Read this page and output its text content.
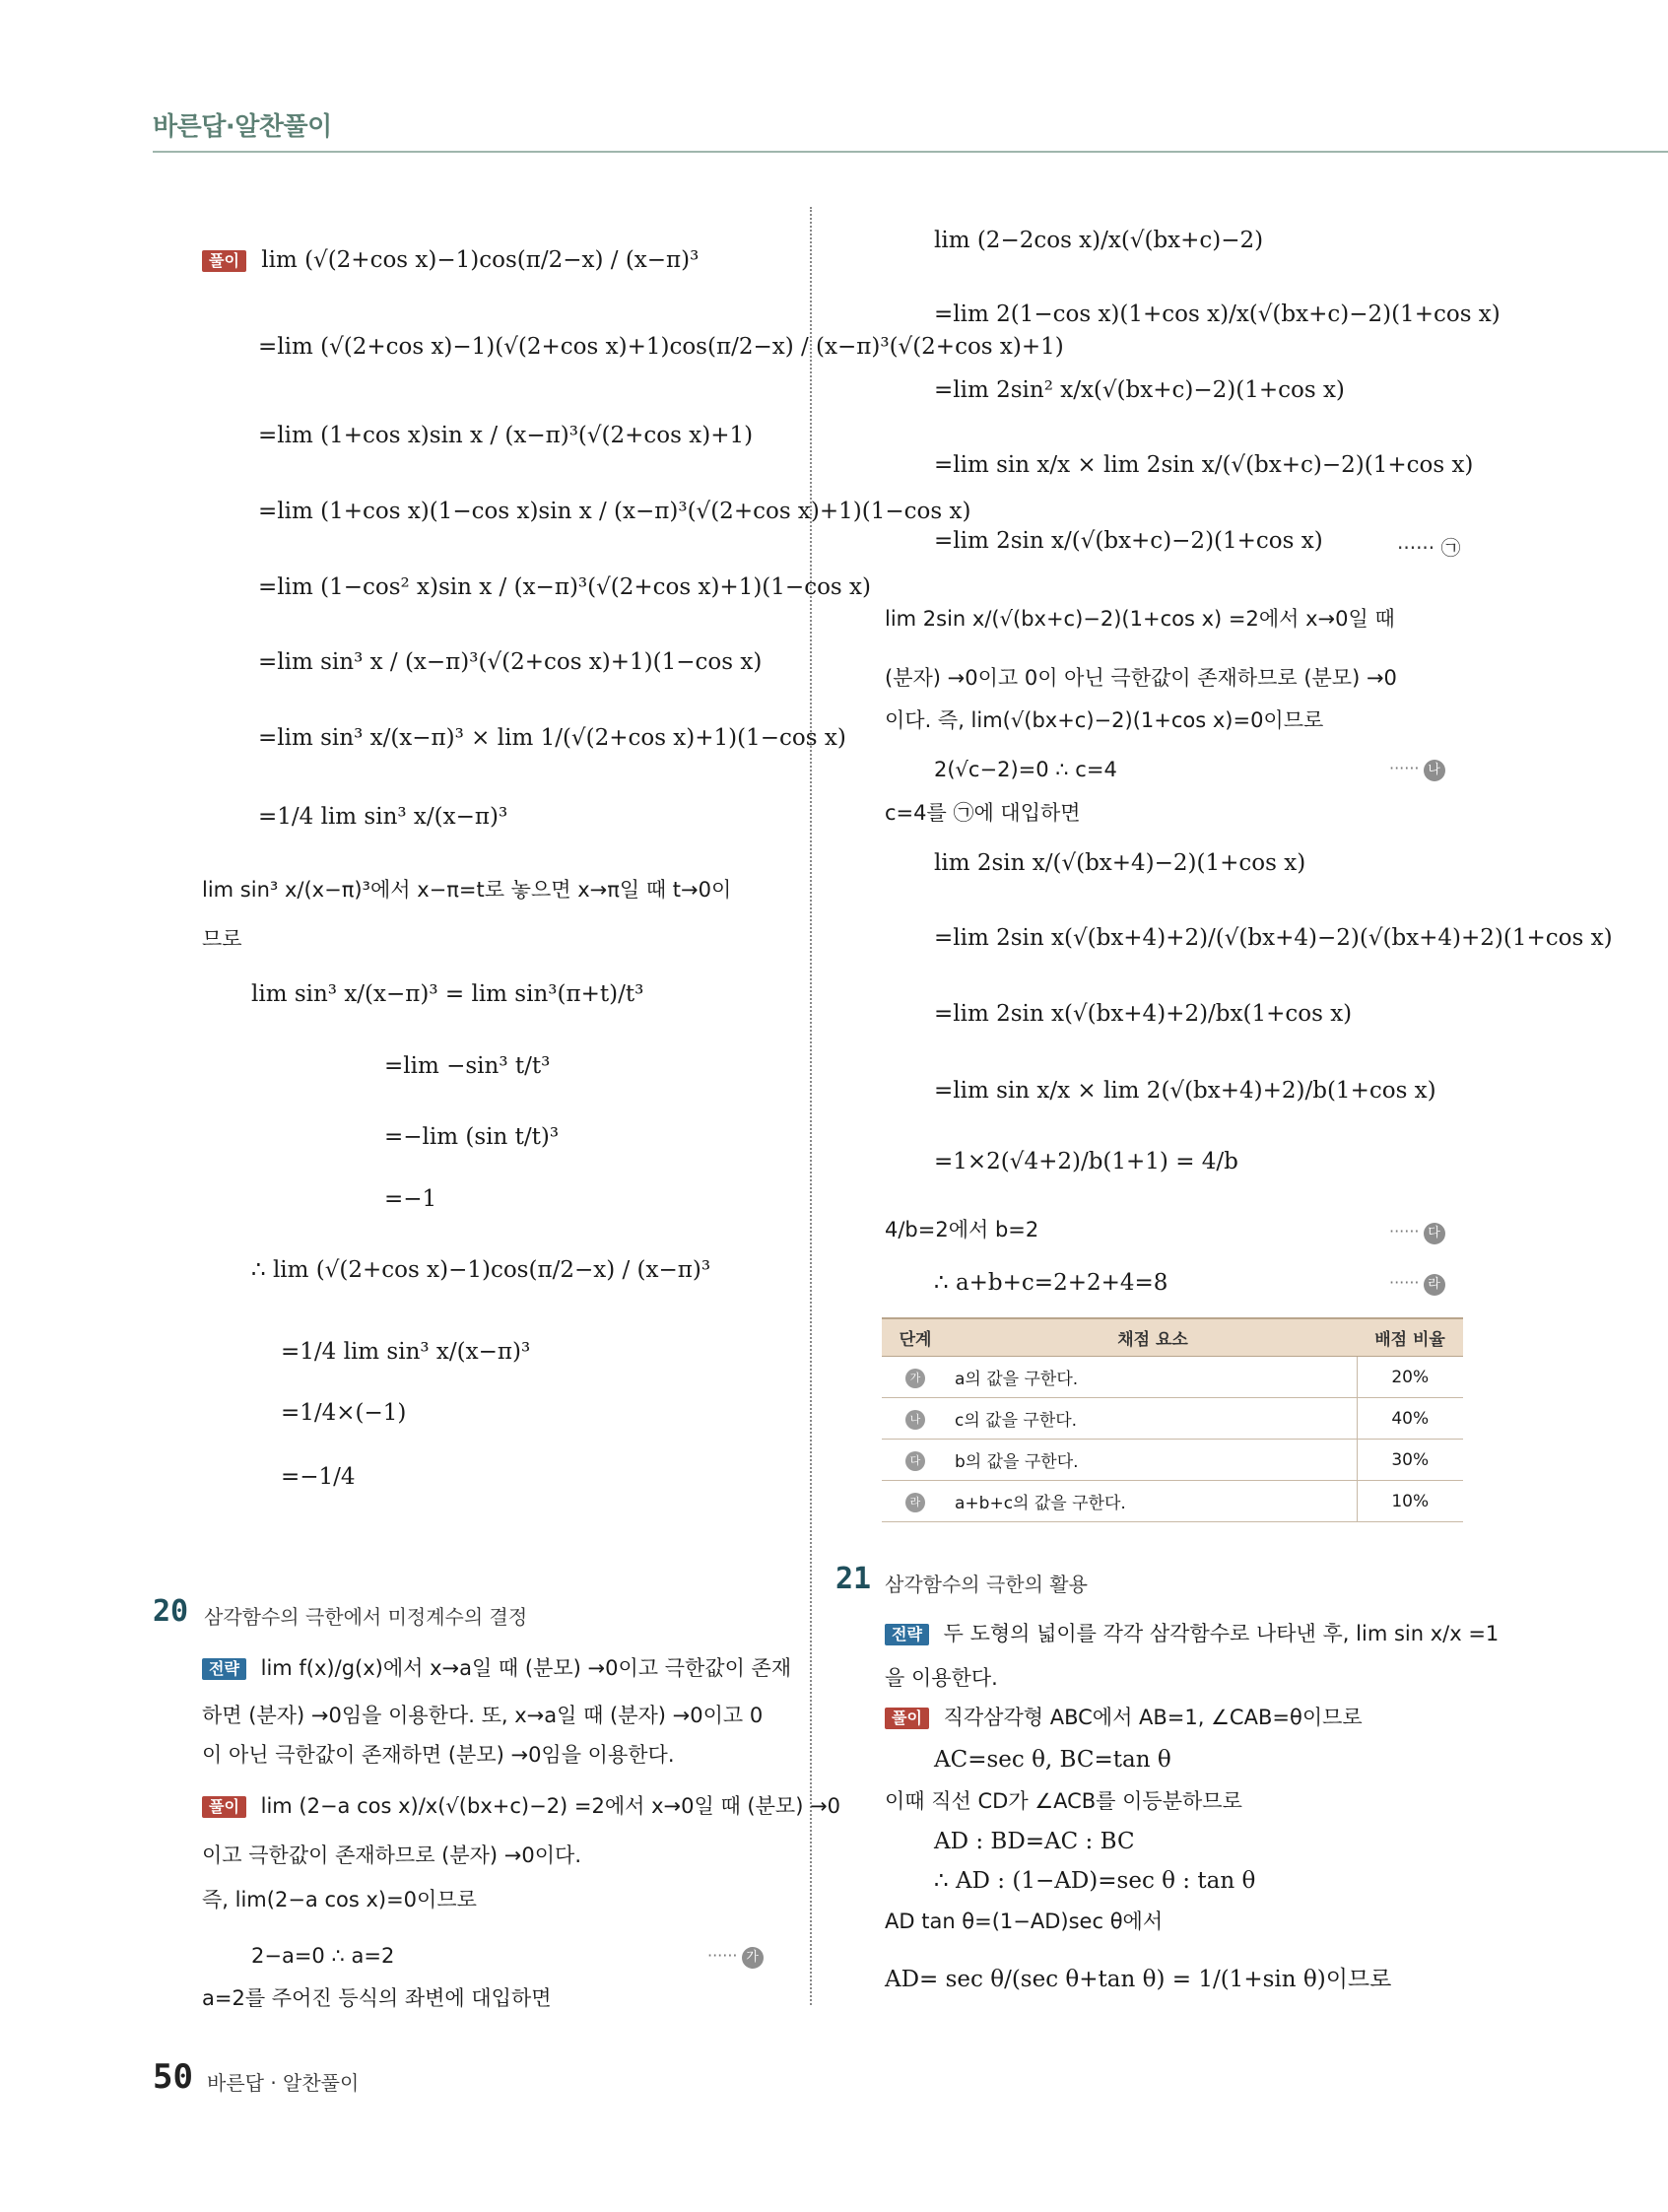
바른답·알찬풀이
풀이 lim (√(2+cos x)−1)cos(π/2−x) / (x−π)³
=lim (√(2+cos x)−1)(√(2+cos x)+1)cos(π/2−x) / (x−π)³(√(2+cos x)+1)
=lim (1+cos x)sin x / (x−π)³(√(2+cos x)+1)
=lim (1+cos x)(1−cos x)sin x / (x−π)³(√(2+cos x)+1)(1−cos x)
=lim (1−cos² x)sin x / (x−π)³(√(2+cos x)+1)(1−cos x)
=lim sin³ x / (x−π)³(√(2+cos x)+1)(1−cos x)
=lim sin³ x/(x−π)³ × lim 1/(√(2+cos x)+1)(1−cos x)
=1/4 lim sin³ x/(x−π)³
lim sin³ x/(x−π)³에서 x−π=t로 놓으면 x→π일 때 t→0이
므로
lim sin³ x/(x−π)³ = lim sin³(π+t)/t³
=lim −sin³ t/t³
=−lim (sin t/t)³
=−1
∴ lim (√(2+cos x)−1)cos(π/2−x) / (x−π)³
=1/4 lim sin³ x/(x−π)³
=1/4×(−1)
=−1/4
20 삼각함수의 극한에서 미정계수의 결정
전략 lim f(x)/g(x)에서 x→a일 때 (분모) →0이고 극한값이 존재
하면 (분자) →0임을 이용한다. 또, x→a일 때 (분자) →0이고 0
이 아닌 극한값이 존재하면 (분모) →0임을 이용한다.
풀이 lim (2−a cos x)/x(√(bx+c)−2) =2에서 x→0일 때 (분모) →0
이고 극한값이 존재하므로 (분자) →0이다.
즉, lim(2−a cos x)=0이므로
2−a=0 ∴ a=2	······ 가
a=2를 주어진 등식의 좌변에 대입하면
lim (2−2cos x)/x(√(bx+c)−2)
=lim 2(1−cos x)(1+cos x)/x(√(bx+c)−2)(1+cos x)
=lim 2sin² x/x(√(bx+c)−2)(1+cos x)
=lim sin x/x × lim 2sin x/(√(bx+c)−2)(1+cos x)
=lim 2sin x/(√(bx+c)−2)(1+cos x)	······ ㉠
lim 2sin x/(√(bx+c)−2)(1+cos x) =2에서 x→0일 때
(분자) →0이고 0이 아닌 극한값이 존재하므로 (분모) →0
이다. 즉, lim(√(bx+c)−2)(1+cos x)=0이므로
2(√c−2)=0 ∴ c=4	······ 나
c=4를 ㉠에 대입하면
lim 2sin x/(√(bx+4)−2)(1+cos x)
=lim 2sin x(√(bx+4)+2)/(√(bx+4)−2)(√(bx+4)+2)(1+cos x)
=lim 2sin x(√(bx+4)+2)/bx(1+cos x)
=lim sin x/x × lim 2(√(bx+4)+2)/b(1+cos x)
=1×2(√4+2)/b(1+1) = 4/b
4/b=2에서 b=2	······ 다
∴ a+b+c=2+2+4=8	······ 라
단계	채점 요소	배점 비율
가	a의 값을 구한다.	20%
나	c의 값을 구한다.	40%
다	b의 값을 구한다.	30%
라	a+b+c의 값을 구한다.	10%
21 삼각함수의 극한의 활용
전략 두 도형의 넓이를 각각 삼각함수로 나타낸 후, lim sin x/x =1
을 이용한다.
풀이 직각삼각형 ABC에서 AB=1, ∠CAB=θ이므로
AC=sec θ, BC=tan θ
이때 직선 CD가 ∠ACB를 이등분하므로
AD : BD=AC : BC
∴ AD : (1−AD)=sec θ : tan θ
AD tan θ=(1−AD)sec θ에서
AD= sec θ/(sec θ+tan θ) = 1/(1+sin θ)이므로
50 바른답 · 알찬풀이
